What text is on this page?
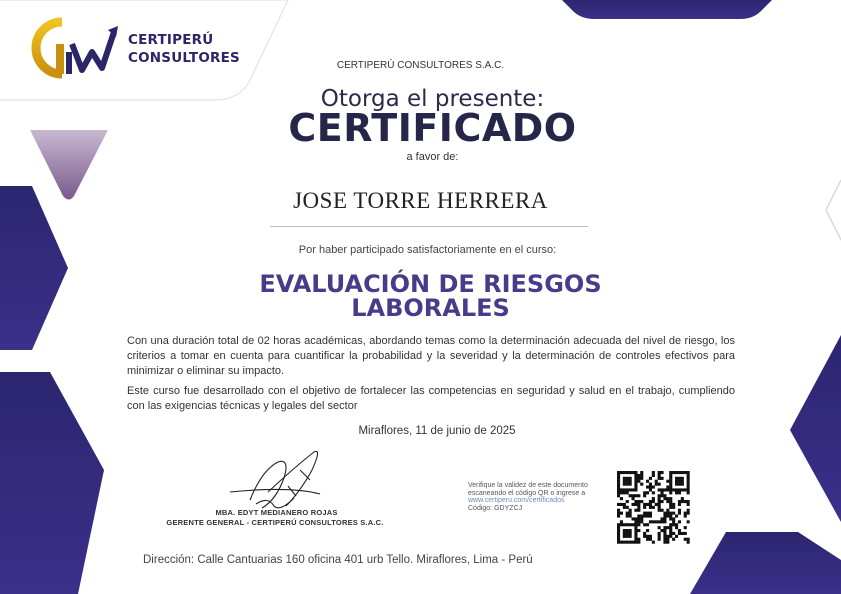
CERTIPERÚ
CONSULTORES	CERTIPERÚ CONSULTORES S.A.C.
Otorga el presente:
CERTIFICADO
a favor de:
JOSE TORRE HERRERA
Por haber participado satisfactoriamente en el curso:
EVALUACIÓN DE RIESGOS
LABORALES
Con una duración total de 02 horas académicas, abordando temas como la determinación adecuada del nivel de riesgo, los criterios a tomar en cuenta para cuantificar la probabilidad y la severidad y la determinación de controles efectivos para minimizar o eliminar su impacto.
Este curso fue desarrollado con el objetivo de fortalecer las competencias en seguridad y salud en el trabajo, cumpliendo con las exigencias técnicas y legales del sector
Miraflores, 11 de junio de 2025
MBA. EDYT MEDIANERO ROJAS
GERENTE GENERAL - CERTIPERÚ CONSULTORES S.A.C.
Verifique la validez de este documento
escaneando el código QR o ingrese a
www.certiperu.com/certificados
Código: GDYZCJ
Dirección: Calle Cantuarias 160 oficina 401 urb Tello. Miraflores, Lima - Perú
